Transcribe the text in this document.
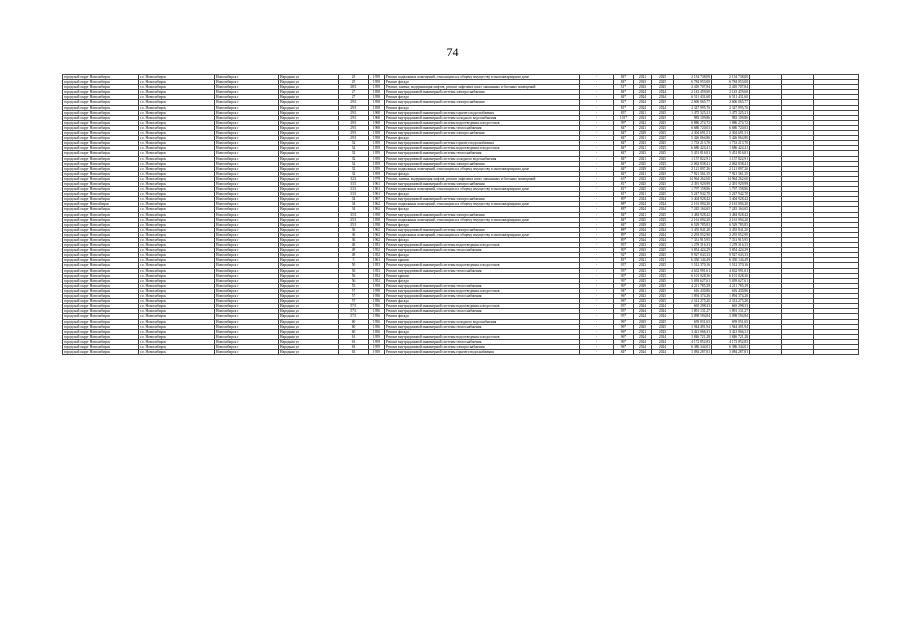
74
городской округ Новосибирск	г.о. Новосибирск	Новосибирск г	Народная ул	25	1959	Ремонт подвальных помещений, относящихся к общему имуществу в многоквартирном доме	-	84*	2021	2025	2 154 738,00	2 154 738,00			
городской округ Новосибирск	г.о. Новосибирск	Новосибирск г	Народная ул	25	1959	Ремонт фасада	-	84*	2023	2025	6 784 053,00	6 784 053,00			
городской округ Новосибирск	г.о. Новосибирск	Новосибирск г	Народная ул	28/1	1959	Ремонт, замена, модернизация лифтов, ремонт лифтовых шахт, машинных и блочных помещений	-	51*	2023	2025	2 410 707,84	2 410 707,84			
городской округ Новосибирск	г.о. Новосибирск	Новосибирск г	Народная ул	27	1958	Ремонт внутридомовой инженерной системы электроснабжения	-	84*	2024	2024	2 143 459,60	2 143 459,60			
городской округ Новосибирск	г.о. Новосибирск	Новосибирск г	Народная ул	27	1958	Ремонт фасада	-	84*	2024	2024	6 511 431,60	6 511 431,60			
городской округ Новосибирск	г.о. Новосибирск	Новосибирск г	Народная ул	29/1	1958	Ремонт внутридомовой инженерной системы электроснабжения	-	82*	2024	2025	2 606 065,77	2 606 065,77			
городской округ Новосибирск	г.о. Новосибирск	Новосибирск г	Народная ул	29/1	1958	Ремонт фасада	-	81*	2024	2024	2 347 995,76	2 347 995,76			
городской округ Новосибирск	г.о. Новосибирск	Новосибирск г	Народная ул	29/1	1968	Ремонт внутридомовой инженерной системы горячего водоснабжения	-	83*	2021	2025	1 475 325,21	1 475 325,21			
городской округ Новосибирск	г.о. Новосибирск	Новосибирск г	Народная ул	29/1	1968	Ремонт внутридомовой инженерной системы холодного водоснабжения	-	101*	2023	2025	983 109,86	983 109,86			
городской округ Новосибирск	г.о. Новосибирск	Новосибирск г	Народная ул	29/1	1968	Ремонт внутридомовой инженерной системы водоотведения и водостоков	-	99*	2022	2025	6 886 274,72	1 886 274,72			
городской округ Новосибирск	г.о. Новосибирск	Новосибирск г	Народная ул	29/1	1968	Ремонт внутридомовой инженерной системы теплоснабжения	-	84*	2021	2025	6 680 720,03	6 680 720,03			
городской округ Новосибирск	г.о. Новосибирск	Новосибирск г	Народная ул	29/1	1958	Ремонт внутридомовой инженерной системы электроснабжения	-	84*	2029	2025	2 304 691,51	2 304 691,51			
городской округ Новосибирск	г.о. Новосибирск	Новосибирск г	Народная ул	29/1	1958	Ремонт фасада	-	84*	2021	2025	5 426 064,86	5 426 064,86			
городской округ Новосибирск	г.о. Новосибирск	Новосибирск г	Народная ул	32	1959	Ремонт внутридомовой инженерной системы горячего водоснабжения	-	84*	2023	2025	1 733 213,70	1 733 213,70			
городской округ Новосибирск	г.о. Новосибирск	Новосибирск г	Народная ул	32	1959	Ремонт внутридомовой инженерной системы водоотведения и водостоков	-	84*	2021	2025	6 686 424,41	1 686 424,41			
городской округ Новосибирск	г.о. Новосибирск	Новосибирск г	Народная ул	32	1959	Ремонт внутридомовой инженерной системы теплоснабжения	-	84*	2023	2025	5 451 816,81	5 451 816,81			
городской округ Новосибирск	г.о. Новосибирск	Новосибирск г	Народная ул	32	1959	Ремонт внутридомовой инженерной системы холодного водоснабжения	-	84*	2021	2025	1 157 822,91	1 157 822,91			
городской округ Новосибирск	г.о. Новосибирск	Новосибирск г	Народная ул	32	1959	Ремонт внутридомовой инженерной системы электроснабжения	-	84*	2025	2025	2 062 838,41	2 062 838,41			
городской округ Новосибирск	г.о. Новосибирск	Новосибирск г	Народная ул	32	1959	Ремонт подвальных помещений, относящихся к общему имуществу в многоквартирном доме	-	84*	2029	2025	2 121 897,26	2 121 897,26			
городской округ Новосибирск	г.о. Новосибирск	Новосибирск г	Народная ул	32	1959	Ремонт фасада	-	84*	2021	2025	7 921 561,35	7 921 561,35			
городской округ Новосибирск	г.о. Новосибирск	Новосибирск г	Народная ул	32/1	1978	Ремонт, замена, модернизация лифтов, ремонт лифтовых шахт, машинных и блочных помещений	-	63*	2023	2025	14 964 262,60	14 964 262,60			
городской округ Новосибирск	г.о. Новосибирск	Новосибирск г	Народная ул	33/1	1961	Ремонт внутридомовой инженерной системы электроснабжения	-	81*	2025	2025	2 391 929,99	2 391 929,99			
городской округ Новосибирск	г.о. Новосибирск	Новосибирск г	Народная ул	33/1	1961	Ремонт подвальных помещений, относящихся к общему имуществу в многоквартирном доме	-	81*	2025	2025	1 797 158,86	1 797 158,86			
городской округ Новосибирск	г.о. Новосибирск	Новосибирск г	Народная ул	33/1	1961	Ремонт фасада	-	81*	2021	2025	5 247 942,70	5 247 942,70			
городской округ Новосибирск	г.о. Новосибирск	Новосибирск г	Народная ул	34	1967	Ремонт внутридомовой инженерной системы электроснабжения	-	89*	2024	2024	3 404 928,42	3 404 928,42			
городской округ Новосibирск	г.о. Новосибирск	Новосибирск г	Народная ул	34	1962	Ремонт подвальных помещений, относящихся к общему имуществу в многоквартирном доме	-	88*	2024	2024	2 161 094,20	2 161 094,20			
городской округ Новосибирск	г.о. Новосибирск	Новосибирск г	Народная ул	34	1962	Ремонт фасада	-	88*	2024	2024	7 245 164,65	7 245 164,65			
городской округ Новосибирск	г.о. Новосибирск	Новосибирск г	Народная ул	35/1	1958	Ремонт внутридомовой инженерной системы электроснабжения	-	84*	2021	2025	3 484 928,42	3 484 928,42			
городской округ Новосибирск	г.о. Новосибирск	Новосибирск г	Народная ул	35/1	1958	Ремонт подвальных помещений, относящихся к общему имуществу в многоквартирном доме	-	84*	2025	2025	2 161 094,20	2 161 094,20			
городской округ Новосибирск	г.о. Новосибирск	Новосибирск г	Народная ул	35/1	1958	Ремонт фасада	-	84*	2029	2025	6 529 785,83	6 529 785,83			
городской округ Новосибирск	г.о. Новосибирск	Новосибирск г	Народная ул	36	1962	Ремонт внутридомовой инженерной системы электроснабжения	-	88*	2024	2024	3 455 841,20	3 455 841,20			
городской округ Новосибирск	г.о. Новосибирск	Новосибирск г	Народная ул	36	1962	Ремонт подвальных помещений, относящихся к общему имуществу в многоквартирном доме	-	89*	2024	2024	2 293 052,90	2 293 052,90			
городской округ Новосибирск	г.о. Новосибирск	Новосибирск г	Народная ул	36	1962	Ремонт фасада	-	89*	2024	2024	7 331 915,95	7 331 915,95			
городской округ Новосибирск	г.о. Новосибирск	Новосибирск г	Народная ул	48	1953	Ремонт внутридомовой инженерной системы водоотведения и водостоков	-	93*	2023	2025	1 278 316,33	1 278 316,33			
городской округ Новосибирск	г.о. Новосибирск	Новосибирск г	Народная ул	49	1952	Ремонт внутридомовой инженерной системы теплоснабжения	-	90*	2023	2025	3 854 424,29	3 854 424,29			
городской округ Новосибирск	г.о. Новосибирск	Новосибирск г	Народная ул	49	1952	Ремонт фасада	-	92*	2023	2025	9 927 043,33	9 927 043,33			
городской округ Новосибирск	г.о. Новосибирск	Новосибирск г	Народная ул	5	1961	Ремонт крыши	-	81*	2021	2021	6 350 144,49	6 350 144,49			
городской округ Новосибирск	г.о. Новосибирск	Новосибирск г	Народная ул	50	1953	Ремонт внутридомовой инженерной системы водоотведения и водостоков	-	93*	2023	2025	1 512 370,16	1 512 370,16			
городской округ Новосибирск	г.о. Новосибирск	Новосибирск г	Народная ул	56	1953	Ремонт внутридомовой инженерной системы теплоснабжения	-	93*	2023	2025	4 632 991,61	4 632 991,61			
городской округ Новосибирск	г.о. Новосибирск	Новосибирск г	Народная ул	56	1952	Ремонт крыши	-	90*	2023	2025	6 101 028,36	6 101 028,36			
городской округ Новосибирск	г.о. Новосибирск	Новосибирск г	Народная ул	56	1952	Ремонт фасада	-	93*	2023	2025	5 039 627,61	5 039 627,61			
городской округ Новосибирск	г.о. Новосибирск	Новосибирск г	Народная ул	55	1958	Ремонт внутридомовой инженерной системы теплоснабжения	-	90*	2029	2025	4 211 785,39	4 211 785,39			
городской округ Новосибирск	г.о. Новосибирск	Новосибирск г	Народная ул	57	1958	Ремонт внутридомовой инженерной системы водоотведения и водостоков	-	94*	2021	2025	616 430,86	616 430,86			
городской округ Новосибирск	г.о. Новосибирск	Новосибирск г	Народная ул	57	1956	Ремонт внутридомовой инженерной системы теплоснабжения	-	96*	2023	2025	1 894 374,26	1 894 374,26			
городской округ Новосибирск	г.о. Новосибирск	Новосибирск г	Народная ул	57	1956	Ремонт фасада	-	96*	2023	2025	2 312 275,20	2 312 275,20			
городской округ Новосибирск	г.о. Новосибирск	Новосибирск г	Народная ул	57/1	1956	Ремонт внутридомовой инженерной системы водоотведения и водостоков	-	93*	2024	2024	665 298,33	665 298,33			
городской округ Новосибирск	г.о. Новосибирск	Новосибирск г	Народная ул	57/1	1956	Ремонт внутридомовой инженерной системы теплоснабжения	-	95*	2024	2024	1 891 131,27	1 891 131,27			
городской округ Новосибирск	г.о. Новосибирск	Новосибирск г	Народная ул	57/1	1956	Ремонт фасада	-	95*	2024	2024	3 098 594,84	3 098 594,84			
городской округ Новосибирск	г.о. Новосибирск	Новосибирск г	Народная ул	60	1956	Ремонт внутридомовой инженерной системы холодного водоснабжения	-	96*	2025	2025	659 051,65	659 051,65			
городской округ Новосибирск	г.о. Новосибирск	Новосибирск г	Народная ул	60	1956	Ремонт внутридомовой инженерной системы теплоснабжения	-	96*	2025	2025	1 944 491,94	1 944 491,94			
городской округ Новосибирск	г.о. Новосибирск	Новосибирск г	Народная ул	60	1956	Ремонт фасада	-	96*	2021	2025	3 421 066,31	3 421 066,31			
городской округ Новосибирск	г.о. Новосибирск	Новосибирск г	Народная ул	61	1959	Ремонт внутридомовой инженерной системы водоотведения и водостоков	-	96*	2024	2024	1 846 721,28	1 846 721,28			
городской округ Новосибирск	г.о. Новосибирск	Новосибирск г	Народная ул	63	1959	Ремонт внутридомовой инженерной системы теплоснабжения	-	96*	2024	2024	4 172 852,83	4 172 852,83			
городской округ Новосибирск	г.о. Новосибирск	Новосибирск г	Народная ул	63	1959	Ремонт внутридомовой инженерной системы электроснабжения	-	96*	2024	2024	6 386 344,01	6 386 344,01			
городской округ Новосибирск	г.о. Новосибирск	Новосибирск г	Народная ул	65	1959	Ремонт внутридомовой инженерной системы горячего водоснабжения	-	84*	2024	2024	3 084 287,81	3 084 287,81			
